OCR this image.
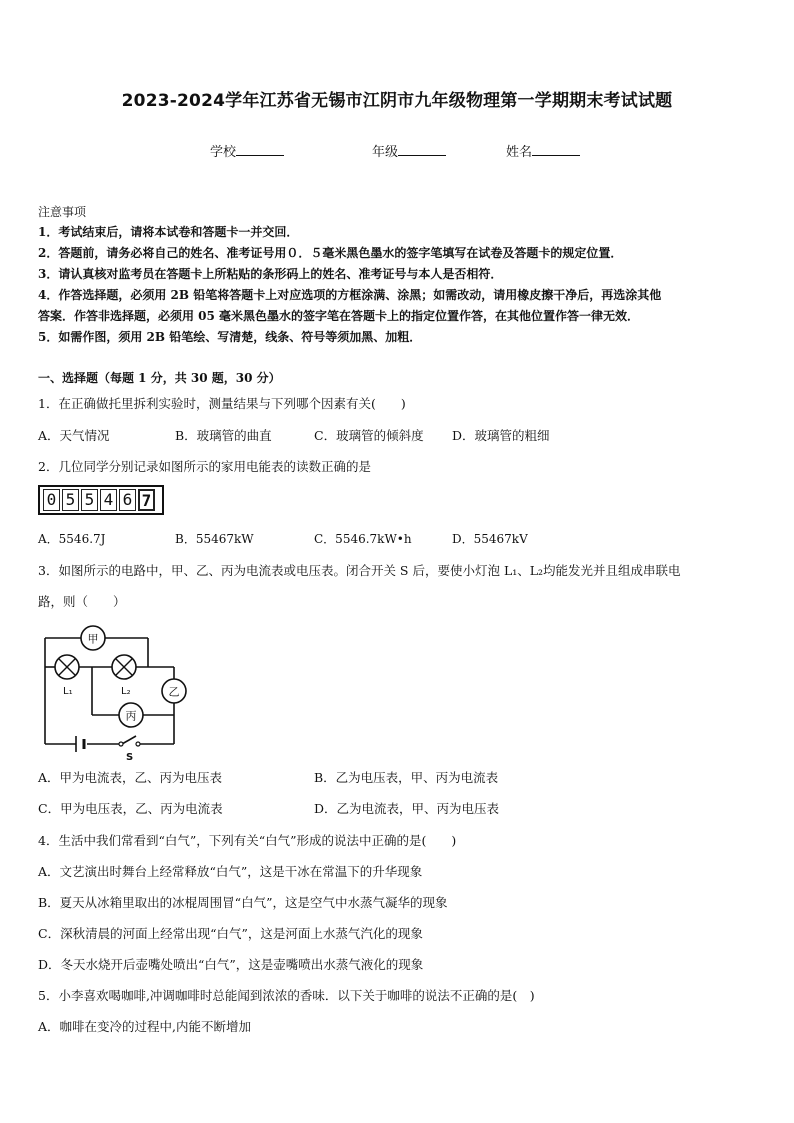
2023-2024学年江苏省无锡市江阴市九年级物理第一学期期末考试试题
学校	年级	姓名
注意事项
1．考试结束后，请将本试卷和答题卡一并交回．
2．答题前，请务必将自己的姓名、准考证号用０．５毫米黑色墨水的签字笔填写在试卷及答题卡的规定位置．
3．请认真核对监考员在答题卡上所粘贴的条形码上的姓名、准考证号与本人是否相符．
4．作答选择题，必须用 2B 铅笔将答题卡上对应选项的方框涂满、涂黑；如需改动，请用橡皮擦干净后，再选涂其他
答案．作答非选择题，必须用 05 毫米黑色墨水的签字笔在答题卡上的指定位置作答，在其他位置作答一律无效．
5．如需作图，须用 2B 铅笔绘、写清楚，线条、符号等须加黑、加粗．
一、选择题（每题 1 分，共 30 题，30 分）
1．在正确做托里拆利实验时，测量结果与下列哪个因素有关(　　)
A．天气情况	B．玻璃管的曲直	C．玻璃管的倾斜度 D．玻璃管的粗细
2．几位同学分别记录如图所示的家用电能表的读数正确的是
0 5 5 4 6 7
A．5546.7J	B．55467kW	C．5546.7kW•h	D．55467kV
3．如图所示的电路中，甲、乙、丙为电流表或电压表。闭合开关 S 后，要使小灯泡 L₁、L₂均能发光并且组成串联电
路，则（　　）
甲
乙
丙
L₁	L₂
S
A．甲为电流表，乙、丙为电压表	B．乙为电压表，甲、丙为电流表
C．甲为电压表，乙、丙为电流表	D．乙为电流表，甲、丙为电压表
4．生活中我们常看到“白气”，下列有关“白气”形成的说法中正确的是(　　)
A．文艺演出时舞台上经常释放“白气”，这是干冰在常温下的升华现象
B．夏天从冰箱里取出的冰棍周围冒“白气”，这是空气中水蒸气凝华的现象
C．深秋清晨的河面上经常出现“白气”，这是河面上水蒸气汽化的现象
D．冬天水烧开后壶嘴处喷出“白气”，这是壶嘴喷出水蒸气液化的现象
5．小李喜欢喝咖啡,冲调咖啡时总能闻到浓浓的香味．以下关于咖啡的说法不正确的是(　)
A．咖啡在变冷的过程中,内能不断增加
